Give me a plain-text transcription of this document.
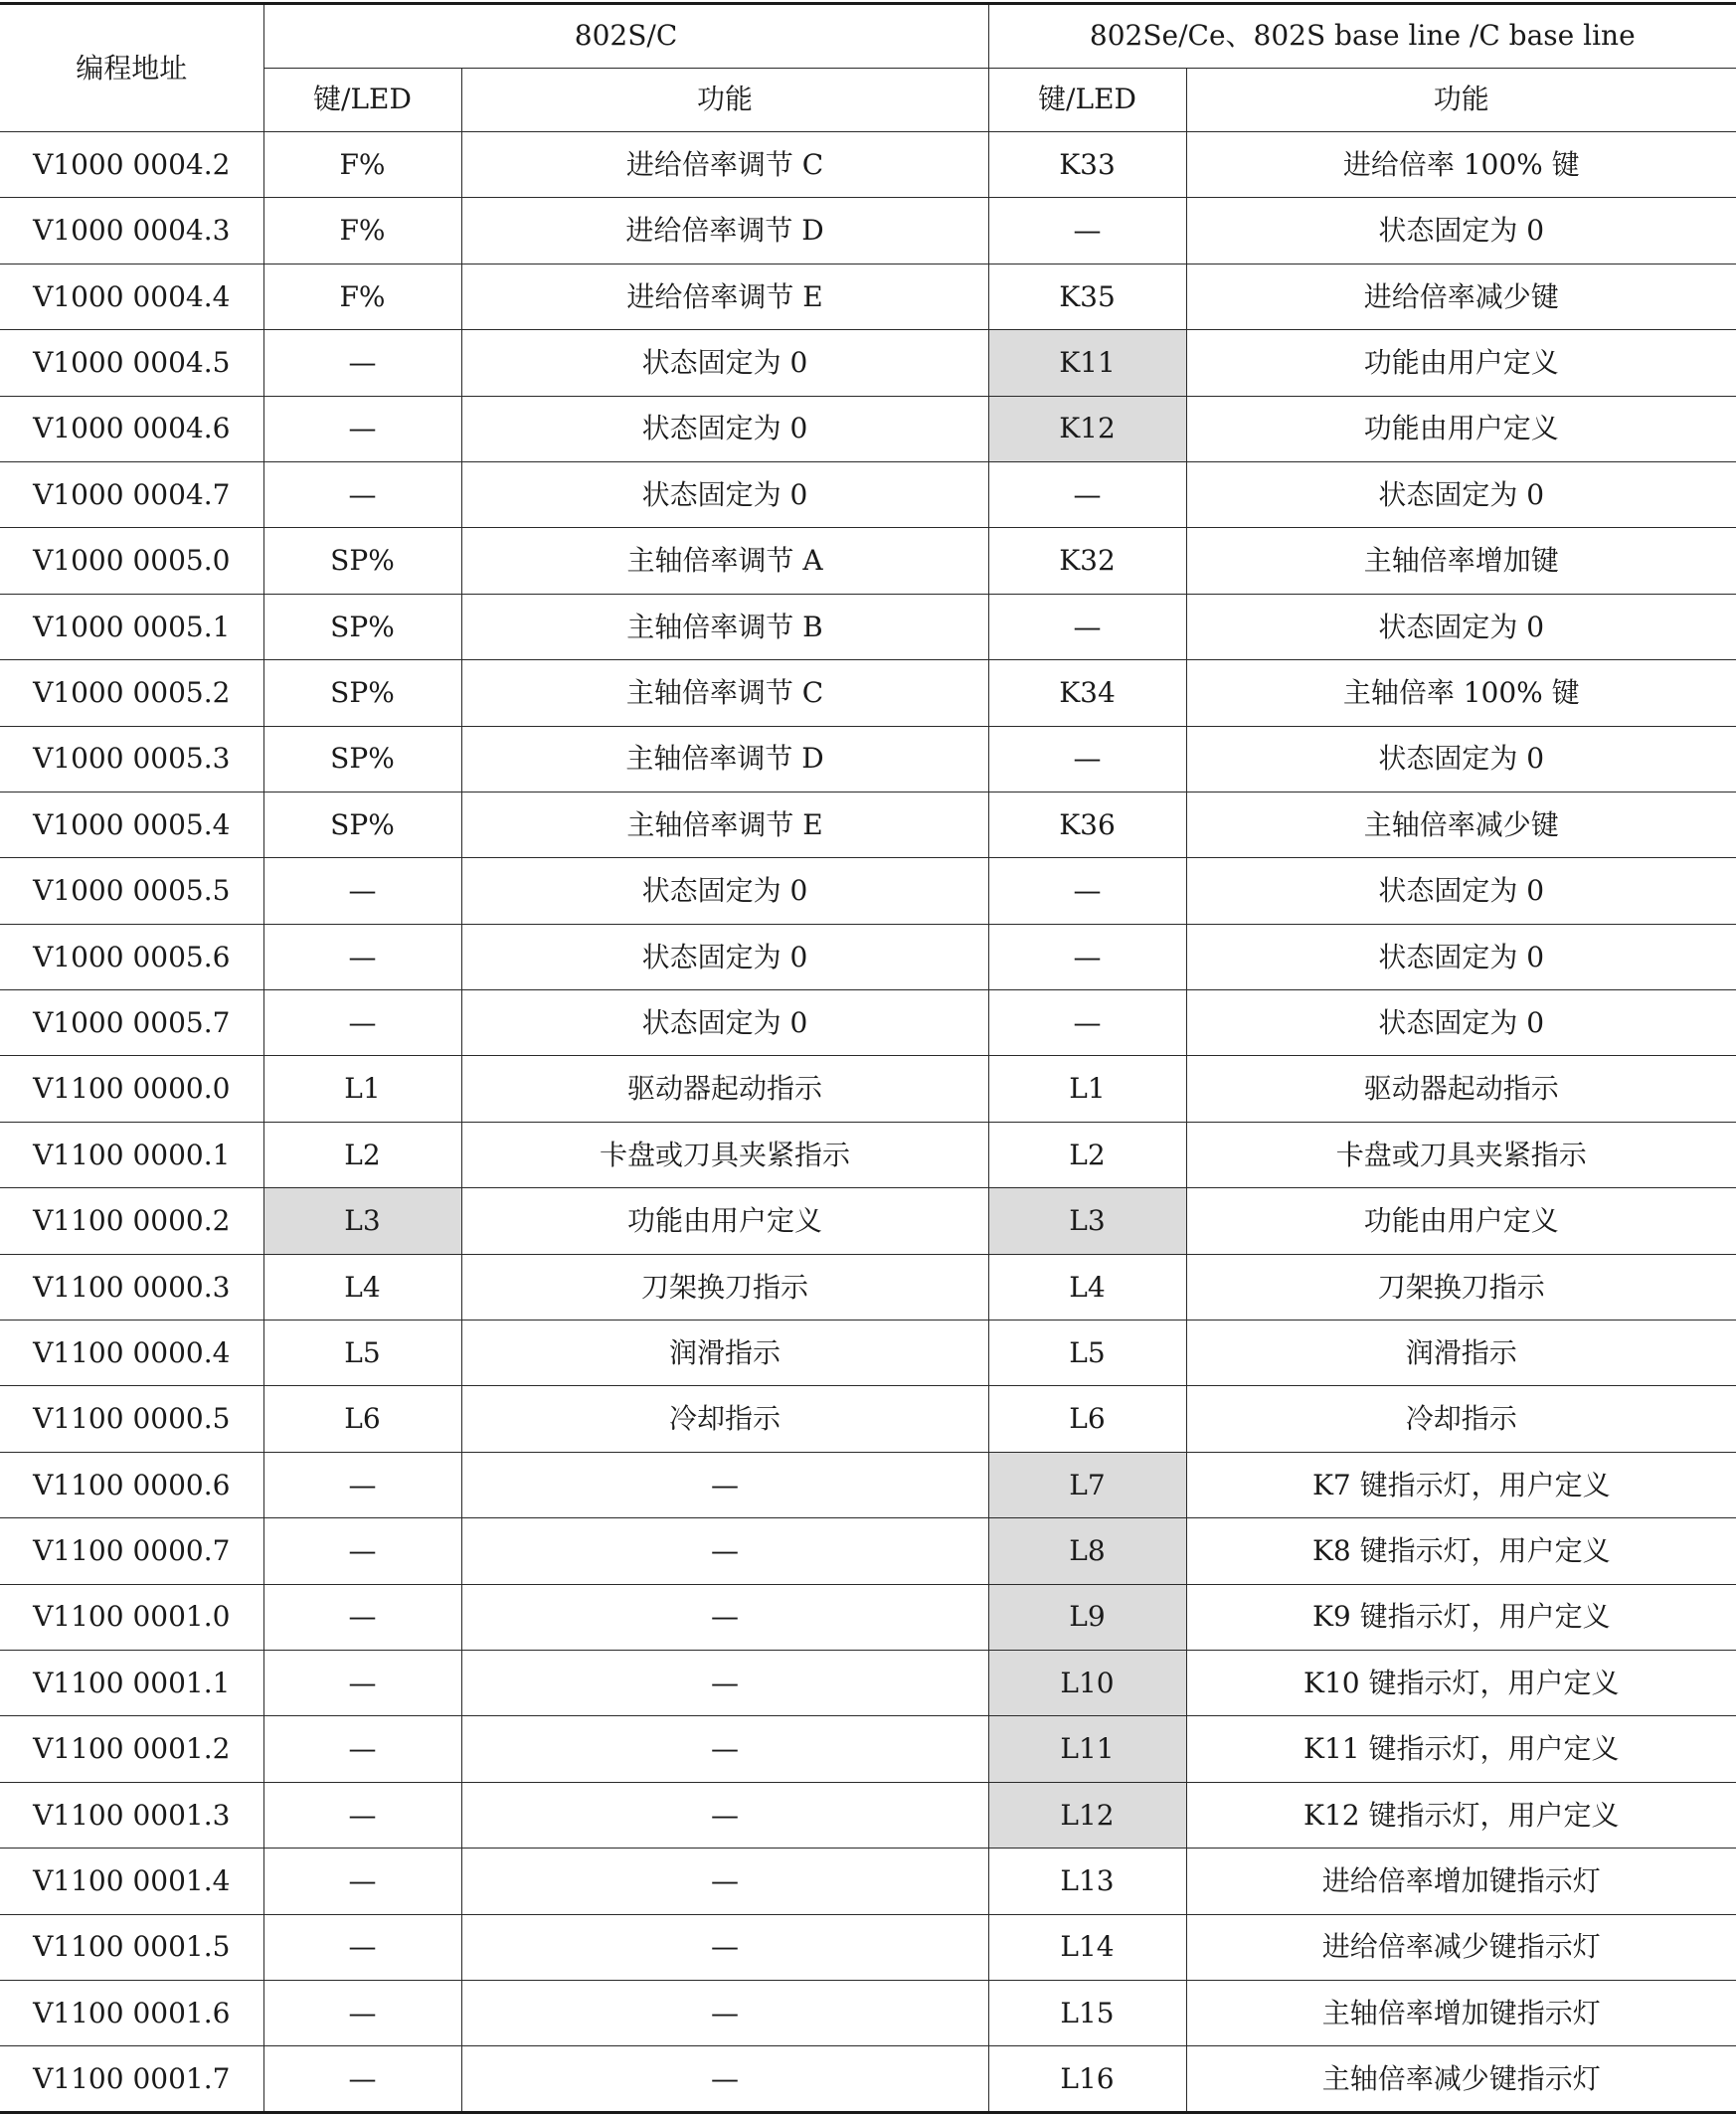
编程地址	802S/C		802Se/Ce、802S base line /C base line	
	键/LED	功能	键/LED	功能
V1000 0004.2	F%	进给倍率调节 C	K33	进给倍率 100% 键
V1000 0004.3	F%	进给倍率调节 D	—	状态固定为 0
V1000 0004.4	F%	进给倍率调节 E	K35	进给倍率减少键
V1000 0004.5	—	状态固定为 0	K11	功能由用户定义
V1000 0004.6	—	状态固定为 0	K12	功能由用户定义
V1000 0004.7	—	状态固定为 0	—	状态固定为 0
V1000 0005.0	SP%	主轴倍率调节 A	K32	主轴倍率增加键
V1000 0005.1	SP%	主轴倍率调节 B	—	状态固定为 0
V1000 0005.2	SP%	主轴倍率调节 C	K34	主轴倍率 100% 键
V1000 0005.3	SP%	主轴倍率调节 D	—	状态固定为 0
V1000 0005.4	SP%	主轴倍率调节 E	K36	主轴倍率减少键
V1000 0005.5	—	状态固定为 0	—	状态固定为 0
V1000 0005.6	—	状态固定为 0	—	状态固定为 0
V1000 0005.7	—	状态固定为 0	—	状态固定为 0
V1100 0000.0	L1	驱动器起动指示	L1	驱动器起动指示
V1100 0000.1	L2	卡盘或刀具夹紧指示	L2	卡盘或刀具夹紧指示
V1100 0000.2	L3	功能由用户定义	L3	功能由用户定义
V1100 0000.3	L4	刀架换刀指示	L4	刀架换刀指示
V1100 0000.4	L5	润滑指示	L5	润滑指示
V1100 0000.5	L6	冷却指示	L6	冷却指示
V1100 0000.6	—	—	L7	K7 键指示灯，用户定义
V1100 0000.7	—	—	L8	K8 键指示灯，用户定义
V1100 0001.0	—	—	L9	K9 键指示灯，用户定义
V1100 0001.1	—	—	L10	K10 键指示灯，用户定义
V1100 0001.2	—	—	L11	K11 键指示灯，用户定义
V1100 0001.3	—	—	L12	K12 键指示灯，用户定义
V1100 0001.4	—	—	L13	进给倍率增加键指示灯
V1100 0001.5	—	—	L14	进给倍率减少键指示灯
V1100 0001.6	—	—	L15	主轴倍率增加键指示灯
V1100 0001.7	—	—	L16	主轴倍率减少键指示灯
